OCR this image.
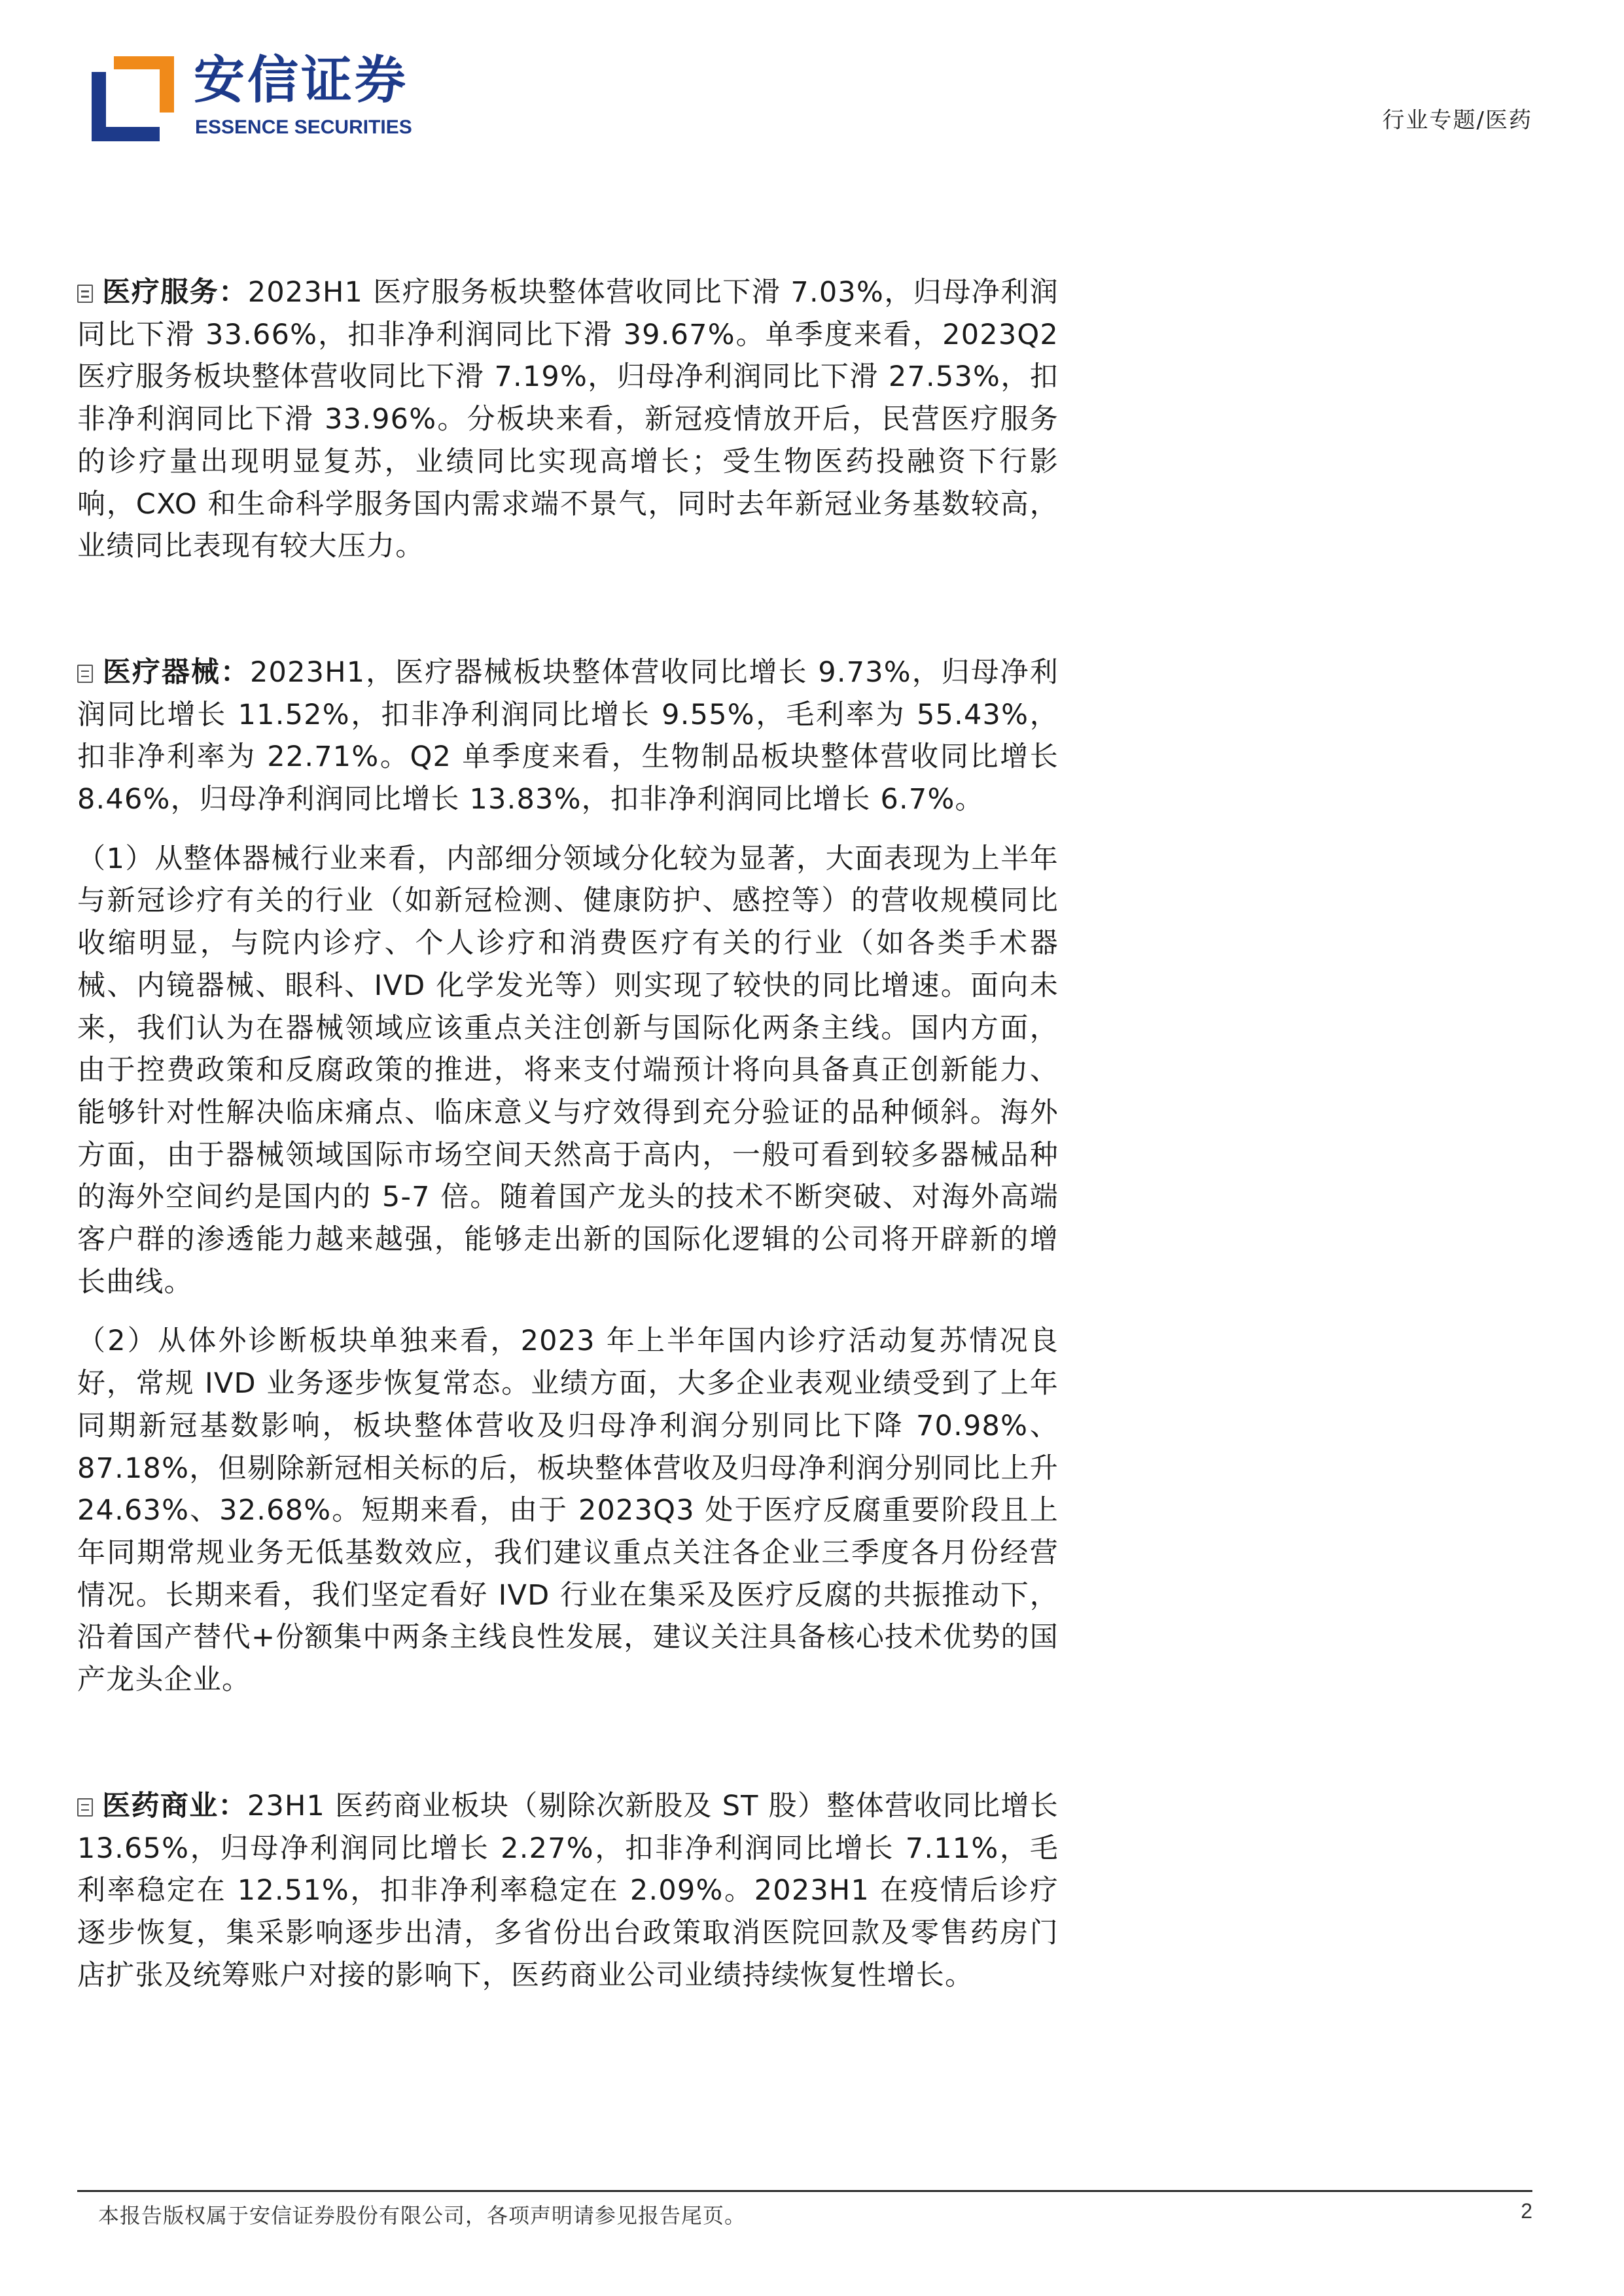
安信证券
ESSENCE SECURITIES	行业专题/医药

医疗服务：2023H1 医疗服务板块整体营收同比下滑 7.03%，归母净利润同比下滑 33.66%，扣非净利润同比下滑 39.67%。单季度来看，2023Q2 医疗服务板块整体营收同比下滑 7.19%，归母净利润同比下滑 27.53%，扣非净利润同比下滑 33.96%。分板块来看，新冠疫情放开后，民营医疗服务的诊疗量出现明显复苏，业绩同比实现高增长；受生物医药投融资下行影响，CXO 和生命科学服务国内需求端不景气，同时去年新冠业务基数较高，业绩同比表现有较大压力。

医疗器械：2023H1，医疗器械板块整体营收同比增长 9.73%，归母净利润同比增长 11.52%，扣非净利润同比增长 9.55%，毛利率为 55.43%，扣非净利率为 22.71%。Q2 单季度来看，生物制品板块整体营收同比增长 8.46%，归母净利润同比增长 13.83%，扣非净利润同比增长 6.7%。

（1）从整体器械行业来看，内部细分领域分化较为显著，大面表现为上半年与新冠诊疗有关的行业（如新冠检测、健康防护、感控等）的营收规模同比收缩明显，与院内诊疗、个人诊疗和消费医疗有关的行业（如各类手术器械、内镜器械、眼科、IVD 化学发光等）则实现了较快的同比增速。面向未来，我们认为在器械领域应该重点关注创新与国际化两条主线。国内方面，由于控费政策和反腐政策的推进，将来支付端预计将向具备真正创新能力、能够针对性解决临床痛点、临床意义与疗效得到充分验证的品种倾斜。海外方面，由于器械领域国际市场空间天然高于高内，一般可看到较多器械品种的海外空间约是国内的 5-7 倍。随着国产龙头的技术不断突破、对海外高端客户群的渗透能力越来越强，能够走出新的国际化逻辑的公司将开辟新的增长曲线。

（2）从体外诊断板块单独来看，2023 年上半年国内诊疗活动复苏情况良好，常规 IVD 业务逐步恢复常态。业绩方面，大多企业表观业绩受到了上年同期新冠基数影响，板块整体营收及归母净利润分别同比下降 70.98%、87.18%，但剔除新冠相关标的后，板块整体营收及归母净利润分别同比上升 24.63%、32.68%。短期来看，由于 2023Q3 处于医疗反腐重要阶段且上年同期常规业务无低基数效应，我们建议重点关注各企业三季度各月份经营情况。长期来看，我们坚定看好 IVD 行业在集采及医疗反腐的共振推动下，沿着国产替代+份额集中两条主线良性发展，建议关注具备核心技术优势的国产龙头企业。

医药商业：23H1 医药商业板块（剔除次新股及 ST 股）整体营收同比增长 13.65%，归母净利润同比增长 2.27%，扣非净利润同比增长 7.11%，毛利率稳定在 12.51%，扣非净利率稳定在 2.09%。2023H1 在疫情后诊疗逐步恢复，集采影响逐步出清，多省份出台政策取消医院回款及零售药房门店扩张及统筹账户对接的影响下，医药商业公司业绩持续恢复性增长。

本报告版权属于安信证券股份有限公司，各项声明请参见报告尾页。	2
